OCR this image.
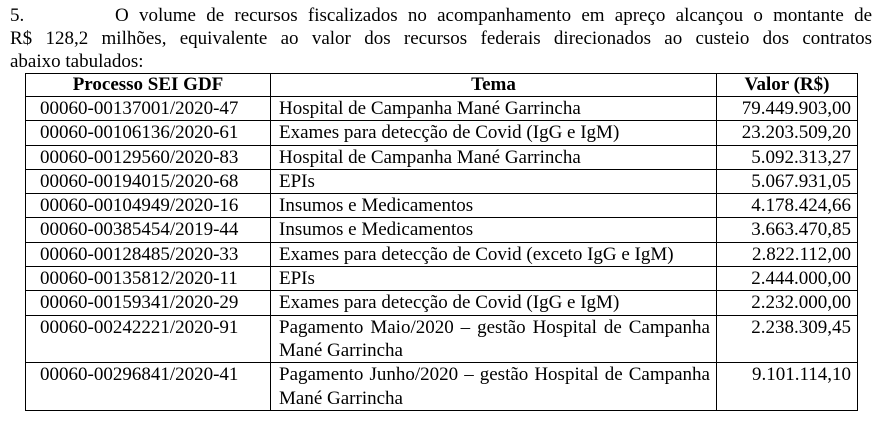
5.	O volume de recursos fiscalizados no acompanhamento em apreço alcançou o montante de
R$ 128,2 milhões, equivalente ao valor dos recursos federais direcionados ao custeio dos contratos
abaixo tabulados:
Processo SEI GDF	Tema	Valor (R$)
00060-00137001/2020-47	Hospital de Campanha Mané Garrincha	79.449.903,00
00060-00106136/2020-61	Exames para detecção de Covid (IgG e IgM)	23.203.509,20
00060-00129560/2020-83	Hospital de Campanha Mané Garrincha	5.092.313,27
00060-00194015/2020-68	EPIs	5.067.931,05
00060-00104949/2020-16	Insumos e Medicamentos	4.178.424,66
00060-00385454/2019-44	Insumos e Medicamentos	3.663.470,85
00060-00128485/2020-33	Exames para detecção de Covid (exceto IgG e IgM)	2.822.112,00
00060-00135812/2020-11	EPIs	2.444.000,00
00060-00159341/2020-29	Exames para detecção de Covid (IgG e IgM)	2.232.000,00
00060-00242221/2020-91	Pagamento Maio/2020 – gestão Hospital de Campanha Mané Garrincha	2.238.309,45
00060-00296841/2020-41	Pagamento Junho/2020 – gestão Hospital de Campanha Mané Garrincha	9.101.114,10
